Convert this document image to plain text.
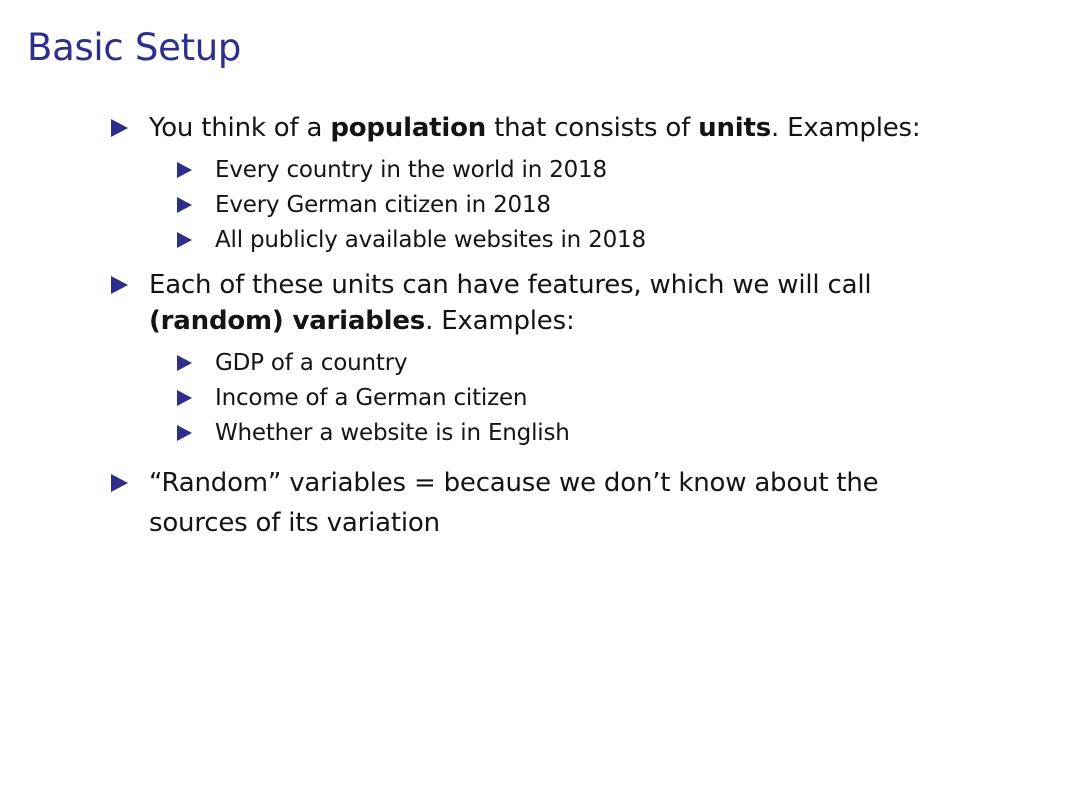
Basic Setup
You think of a population that consists of units. Examples:
Every country in the world in 2018
Every German citizen in 2018
All publicly available websites in 2018
Each of these units can have features, which we will call
(random) variables. Examples:
GDP of a country
Income of a German citizen
Whether a website is in English
“Random” variables = because we don’t know about the
sources of its variation
